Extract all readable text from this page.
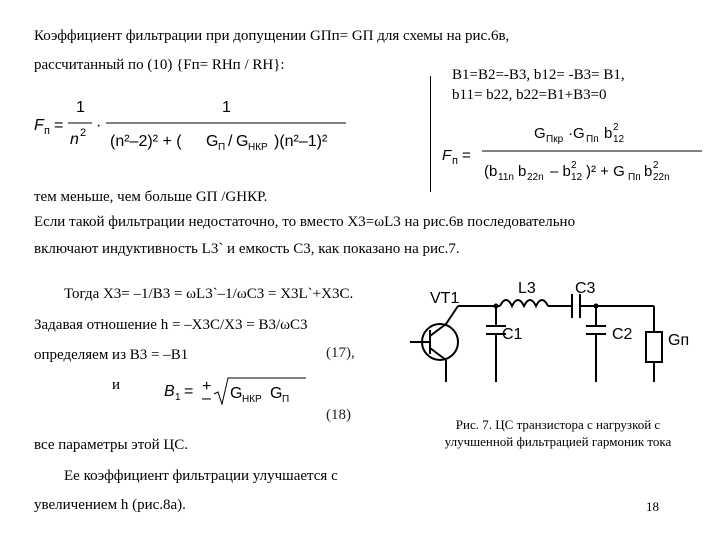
Коэффициент фильтрации при допущении GПп= GП для схемы на рис.6в,
рассчитанный по (10) {Fп= RНп / RН}:
F п =
1
n 2 ·
1
(n²–2)² + ( G П / G НКР )(n²–1)²
B1=B2=-B3, b12= -B3= B1,
b11= b22, b22=B1+B3=0
F п =
G Пкр ·G Пп b 2
12
(b 11n b 22n – b 2
12 )² + G Пп b 2
22n
тем меньше, чем больше GП /GНКР.
Если такой фильтрации недостаточно, то вместо X3=ωL3 на рис.6в последовательно
включают индуктивность L3` и емкость C3, как показано на рис.7.
Тогда X3= –1/B3 = ωL3`–1/ωC3 = X3L`+X3C.
Задавая отношение h = –X3C/X3 = B3/ωC3
определяем из B3 = –B1	(17),
и	B 1 = +
– G НКР G П
(18)
все параметры этой ЦС.
Ее коэффициент фильтрации улучшается с
увеличением h (рис.8а).
VT1
L3 C3
C1	C2 Gп
Рис. 7. ЦС транзистора с нагрузкой с
улучшенной фильтрацией гармоник тока
18
